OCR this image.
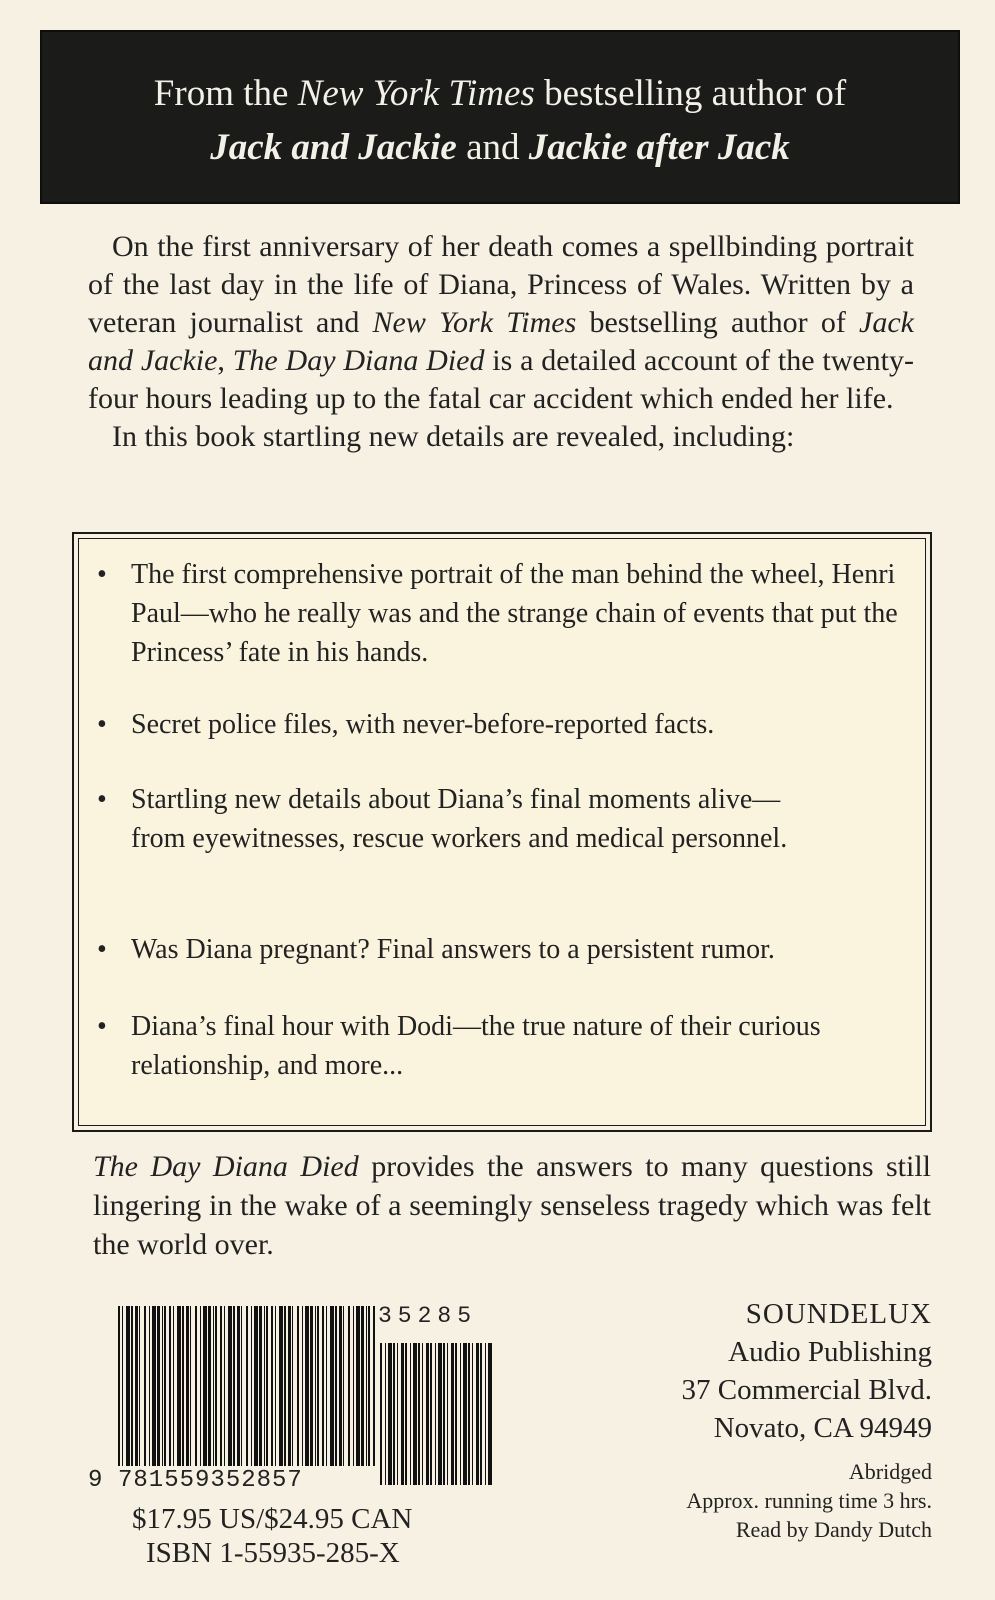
From the New York Times bestselling author of
Jack and Jackie and Jackie after Jack

On the first anniversary of her death comes a spellbinding portrait of the last day in the life of Diana, Princess of Wales. Written by a veteran journalist and New York Times bestselling author of Jack and Jackie, The Day Diana Died is a detailed account of the twenty-four hours leading up to the fatal car accident which ended her life.

In this book startling new details are revealed, including:

• The first comprehensive portrait of the man behind the wheel, Henri Paul—who he really was and the strange chain of events that put the Princess’ fate in his hands.
• Secret police files, with never-before-reported facts.
• Startling new details about Diana’s final moments alive—from eyewitnesses, rescue workers and medical personnel.
• Was Diana pregnant? Final answers to a persistent rumor.
• Diana’s final hour with Dodi—the true nature of their curious relationship, and more...

The Day Diana Died provides the answers to many questions still lingering in the wake of a seemingly senseless tragedy which was felt the world over.

35285
9 781559352857
$17.95 US/$24.95 CAN
ISBN 1-55935-285-X
SOUNDELUX
Audio Publishing
37 Commercial Blvd.
Novato, CA 94949
Abridged
Approx. running time 3 hrs.
Read by Dandy Dutch
